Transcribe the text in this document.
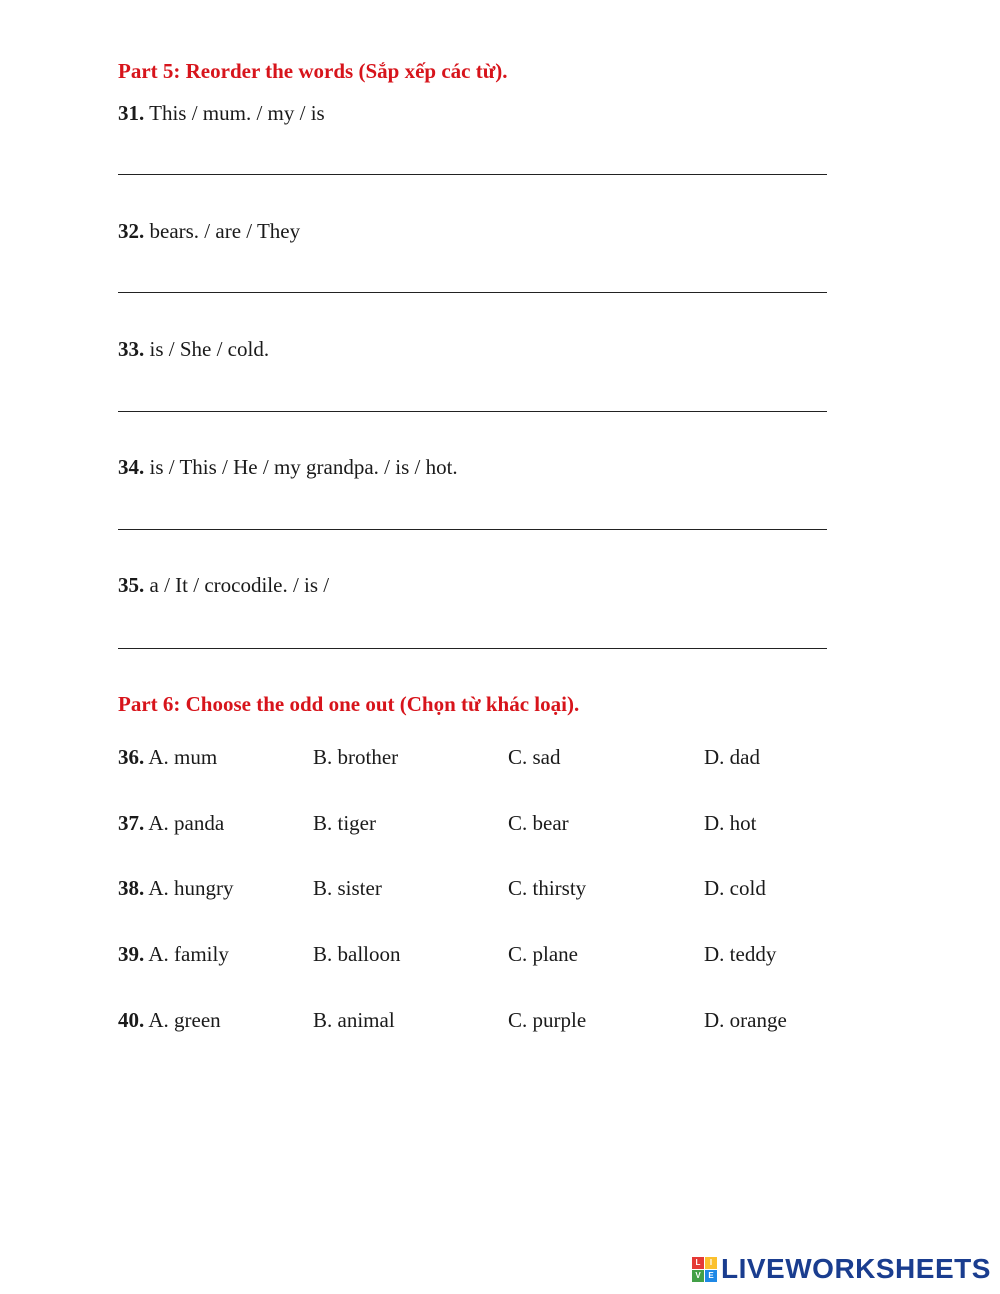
Part 5: Reorder the words (Sắp xếp các từ).
31. This / mum. / my / is
32. bears. / are / They
33. is / She / cold.
34. is / This / He / my grandpa. / is / hot.
35. a / It / crocodile. / is /
Part 6: Choose the odd one out (Chọn từ khác loại).
36. A. mum	B. brother	C. sad	D. dad
37. A. panda	B. tiger	C. bear	D. hot
38. A. hungry	B. sister	C. thirsty	D. cold
39. A. family	B. balloon	C. plane	D. teddy
40. A. green	B. animal	C. purple	D. orange
L	I
V E LIVEWORKSHEETS
